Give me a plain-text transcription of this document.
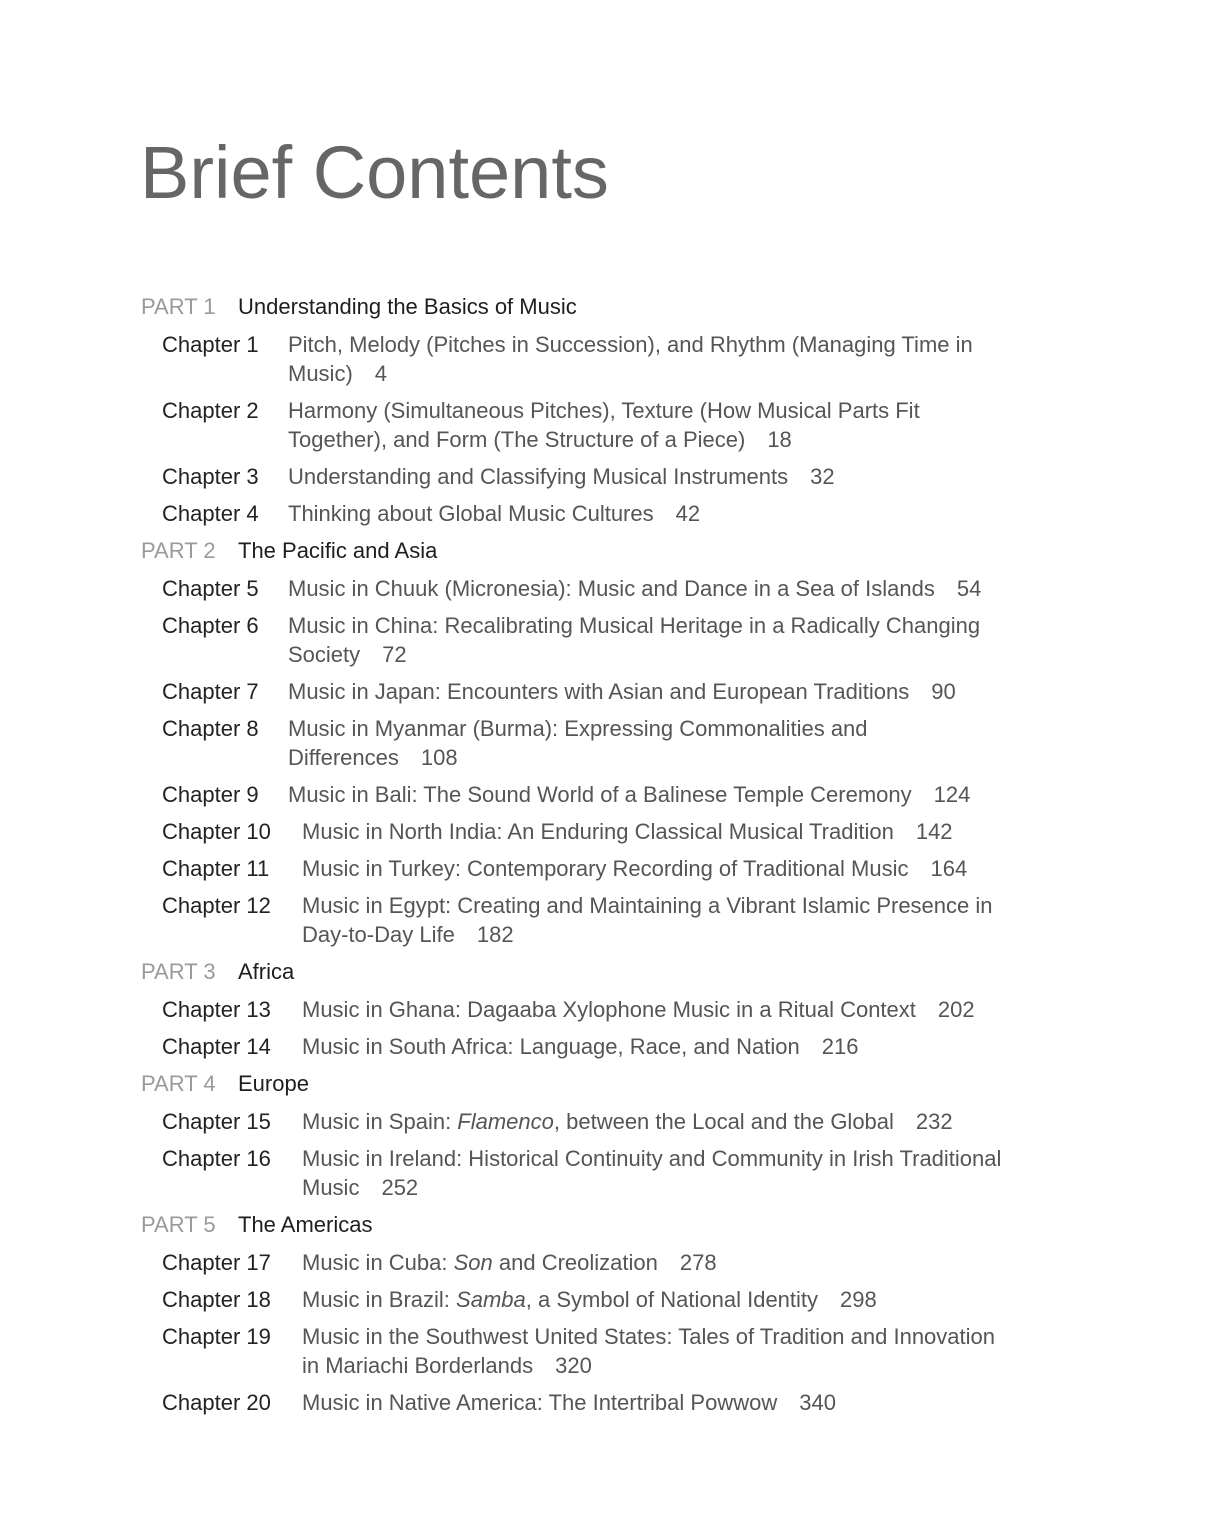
Brief Contents
PART 1 Understanding the Basics of Music
Chapter 1	Pitch, Melody (Pitches in Succession), and Rhythm (Managing Time in Music) 4
Chapter 2	Harmony (Simultaneous Pitches), Texture (How Musical Parts Fit Together), and Form (The Structure of a Piece) 18
Chapter 3	Understanding and Classifying Musical Instruments 32
Chapter 4	Thinking about Global Music Cultures 42
PART 2 The Pacific and Asia
Chapter 5	Music in Chuuk (Micronesia): Music and Dance in a Sea of Islands 54
Chapter 6	Music in China: Recalibrating Musical Heritage in a Radically Changing Society 72
Chapter 7	Music in Japan: Encounters with Asian and European Traditions 90
Chapter 8	Music in Myanmar (Burma): Expressing Commonalities and Differences 108
Chapter 9	Music in Bali: The Sound World of a Balinese Temple Ceremony 124
Chapter 10	Music in North India: An Enduring Classical Musical Tradition 142
Chapter 11	Music in Turkey: Contemporary Recording of Traditional Music 164
Chapter 12	Music in Egypt: Creating and Maintaining a Vibrant Islamic Presence in Day-to-Day Life 182
PART 3 Africa
Chapter 13	Music in Ghana: Dagaaba Xylophone Music in a Ritual Context 202
Chapter 14	Music in South Africa: Language, Race, and Nation 216
PART 4 Europe
Chapter 15	Music in Spain: Flamenco, between the Local and the Global 232
Chapter 16	Music in Ireland: Historical Continuity and Community in Irish Traditional Music 252
PART 5 The Americas
Chapter 17	Music in Cuba: Son and Creolization 278
Chapter 18	Music in Brazil: Samba, a Symbol of National Identity 298
Chapter 19	Music in the Southwest United States: Tales of Tradition and Innovation in Mariachi Borderlands 320
Chapter 20	Music in Native America: The Intertribal Powwow 340
